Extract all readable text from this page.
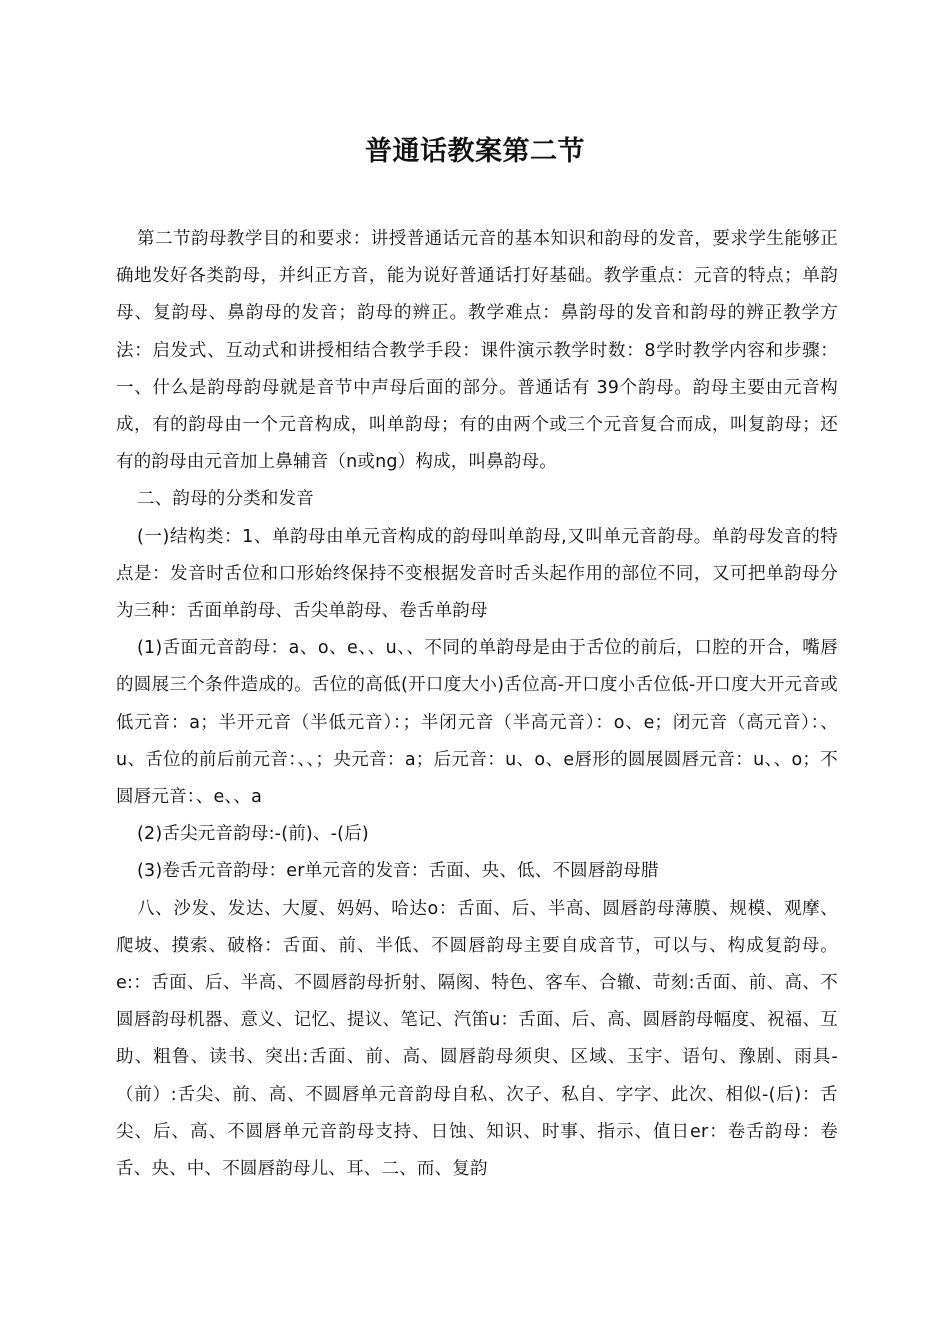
普通话教案第二节

第二节韵母教学目的和要求：讲授普通话元音的基本知识和韵母的发音，要求学生能够正确地发好各类韵母，并纠正方音，能为说好普通话打好基础。教学重点：元音的特点；单韵母、复韵母、鼻韵母的发音；韵母的辨正。教学难点：鼻韵母的发音和韵母的辨正教学方法：启发式、互动式和讲授相结合教学手段：课件演示教学时数：8学时教学内容和步骤：一、什么是韵母韵母就是音节中声母后面的部分。普通话有 39个韵母。韵母主要由元音构成，有的韵母由一个元音构成，叫单韵母；有的由两个或三个元音复合而成，叫复韵母；还有的韵母由元音加上鼻辅音（n或ng）构成，叫鼻韵母。

二、韵母的分类和发音

(一)结构类：1、单韵母由单元音构成的韵母叫单韵母,又叫单元音韵母。单韵母发音的特点是：发音时舌位和口形始终保持不变根据发音时舌头起作用的部位不同，又可把单韵母分为三种：舌面单韵母、舌尖单韵母、卷舌单韵母

(1)舌面元音韵母：a、o、e、、u、、不同的单韵母是由于舌位的前后，口腔的开合，嘴唇的圆展三个条件造成的。舌位的高低(开口度大小)舌位高-开口度小舌位低-开口度大开元音或低元音：a；半开元音（半低元音）：；半闭元音（半高元音）：o、e；闭元音（高元音）：、u、舌位的前后前元音：、、；央元音：a；后元音：u、o、e唇形的圆展圆唇元音：u、、o；不圆唇元音：、e、、a

(2)舌尖元音韵母:-(前)、-(后)

(3)卷舌元音韵母：er单元音的发音：舌面、央、低、不圆唇韵母腊

八、沙发、发达、大厦、妈妈、哈达o：舌面、后、半高、圆唇韵母薄膜、规模、观摩、爬坡、摸索、破格：舌面、前、半低、不圆唇韵母主要自成音节，可以与、构成复韵母。e:：舌面、后、半高、不圆唇韵母折射、隔阂、特色、客车、合辙、苛刻:舌面、前、高、不圆唇韵母机器、意义、记忆、提议、笔记、汽笛u：舌面、后、高、圆唇韵母幅度、祝福、互助、粗鲁、读书、突出:舌面、前、高、圆唇韵母须臾、区域、玉宇、语句、豫剧、雨具-（前）:舌尖、前、高、不圆唇单元音韵母自私、次子、私自、字字、此次、相似-(后)：舌尖、后、高、不圆唇单元音韵母支持、日蚀、知识、时事、指示、值日er：卷舌韵母：卷舌、央、中、不圆唇韵母儿、耳、二、而、复韵
